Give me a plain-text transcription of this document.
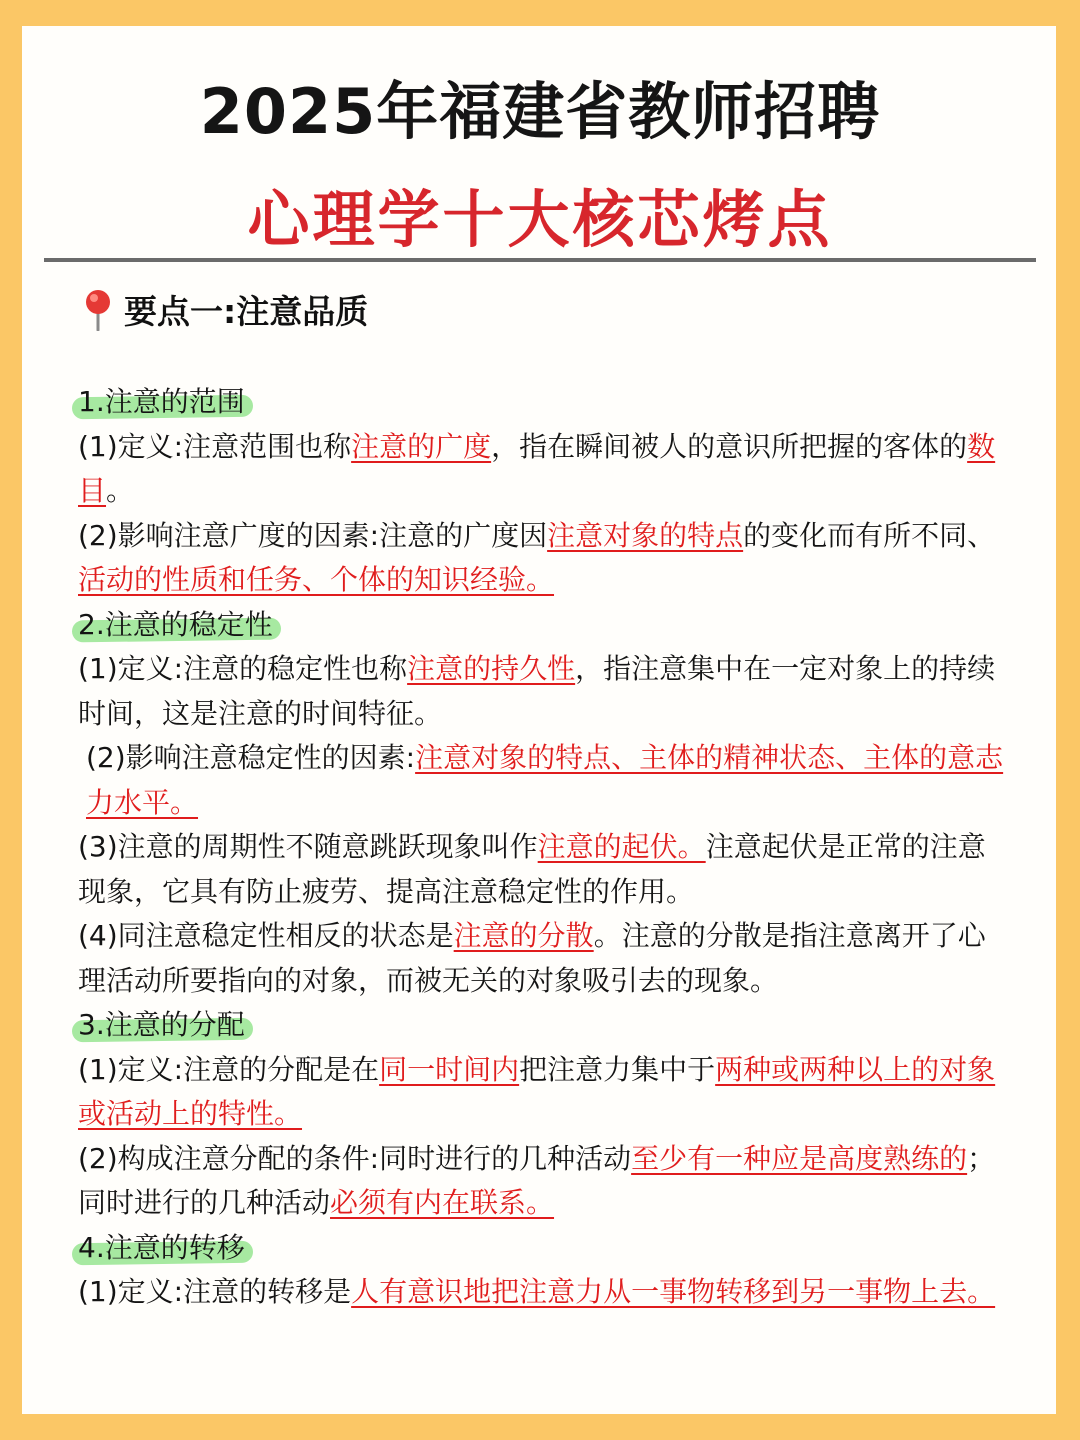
2025年福建省教师招聘
心理学十大核芯烤点
要点一:注意品质

1.注意的范围

(1)定义:注意范围也称注意的广度，指在瞬间被人的意识所把握的客体的数目。

(2)影响注意广度的因素:注意的广度因注意对象的特点的变化而有所不同、活动的性质和任务、个体的知识经验。

2.注意的稳定性

(1)定义:注意的稳定性也称注意的持久性，指注意集中在一定对象上的持续时间，这是注意的时间特征。

(2)影响注意稳定性的因素:注意对象的特点、主体的精神状态、主体的意志力水平。

(3)注意的周期性不随意跳跃现象叫作注意的起伏。注意起伏是正常的注意现象，它具有防止疲劳、提高注意稳定性的作用。

(4)同注意稳定性相反的状态是注意的分散。注意的分散是指注意离开了心理活动所要指向的对象，而被无关的对象吸引去的现象。

3.注意的分配

(1)定义:注意的分配是在同一时间内把注意力集中于两种或两种以上的对象或活动上的特性。

(2)构成注意分配的条件:同时进行的几种活动至少有一种应是高度熟练的；同时进行的几种活动必须有内在联系。

4.注意的转移

(1)定义:注意的转移是人有意识地把注意力从一事物转移到另一事物上去。
